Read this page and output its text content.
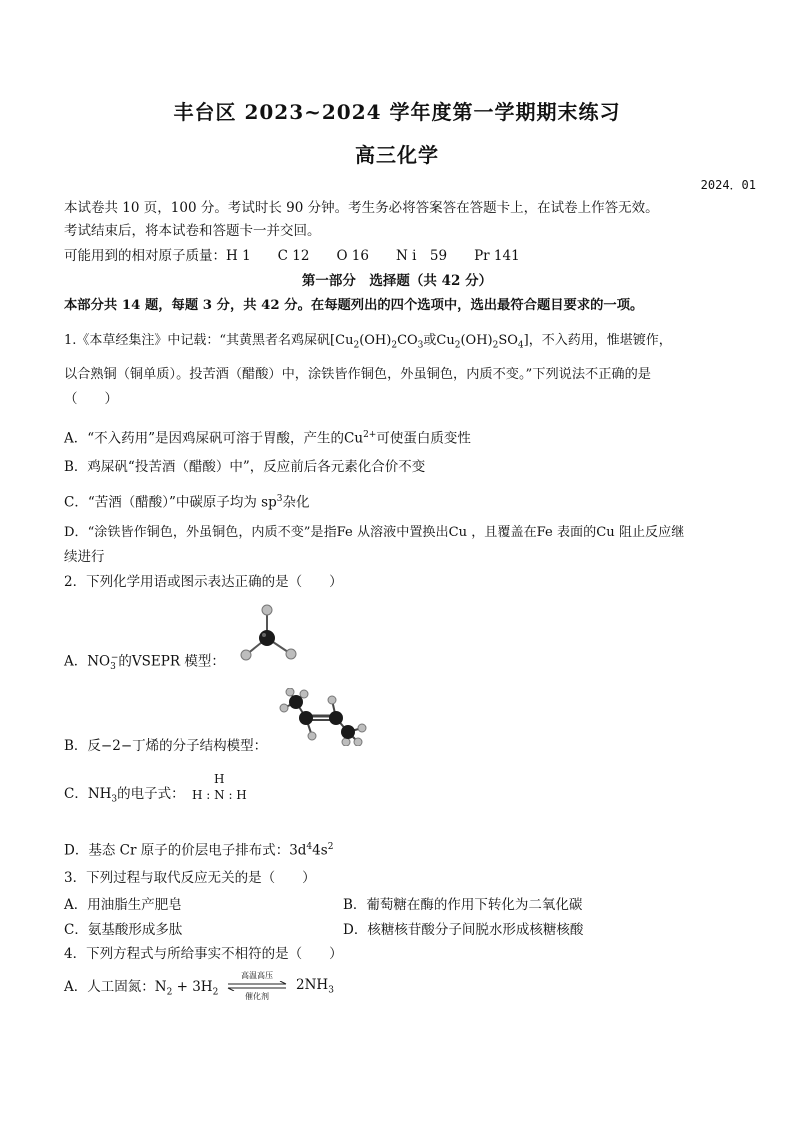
丰台区 2023~2024 学年度第一学期期末练习
高三化学
2024．01
本试卷共 10 页，100 分。考试时长 90 分钟。考生务必将答案答在答题卡上，在试卷上作答无效。
考试结束后，将本试卷和答题卡一并交回。
可能用到的相对原子质量：H 1　　C 12　　O 16　　N i　59　　Pr 141
第一部分　选择题（共 42 分）
本部分共 14 题，每题 3 分，共 42 分。在每题列出的四个选项中，选出最符合题目要求的一项。
1.《本草经集注》中记载：“其黄黑者名鸡屎矾[$Cu_2(OH)_2CO_3$或$Cu_2(OH)_2SO_4$]，不入药用，惟堪镀作，
以合熟铜（铜单质）。投苦酒（醋酸）中，涂铁皆作铜色，外虽铜色，内质不变。”下列说法不正确的是
（　　）
A．“不入药用”是因鸡屎矾可溶于胃酸，产生的$Cu^{2+}$可使蛋白质变性
B．鸡屎矾“投苦酒（醋酸）中”，反应前后各元素化合价不变
C．“苦酒（醋酸）”中碳原子均为 $sp^3$杂化
D．“涂铁皆作铜色，外虽铜色，内质不变”是指Fe 从溶液中置换出Cu ，且覆盖在Fe 表面的Cu 阻止反应继
续进行
2．下列化学用语或图示表达正确的是（　　）
A．$NO_3^-$的VSEPR 模型：
B．反−2−丁烯的分子结构模型：
C．$NH_3$的电子式：
H
H : N : H
D．基态 Cr 原子的价层电子排布式：$3d^44s^2$
3．下列过程与取代反应无关的是（　　）
A．用油脂生产肥皂	B．葡萄糖在酶的作用下转化为二氧化碳
C．氨基酸形成多肽	D．核糖核苷酸分子间脱水形成核糖核酸
4．下列方程式与所给事实不相符的是（　　）
A．人工固氮：$N_2 + 3H_2$
高温高压
催化剂
$2NH_3$
